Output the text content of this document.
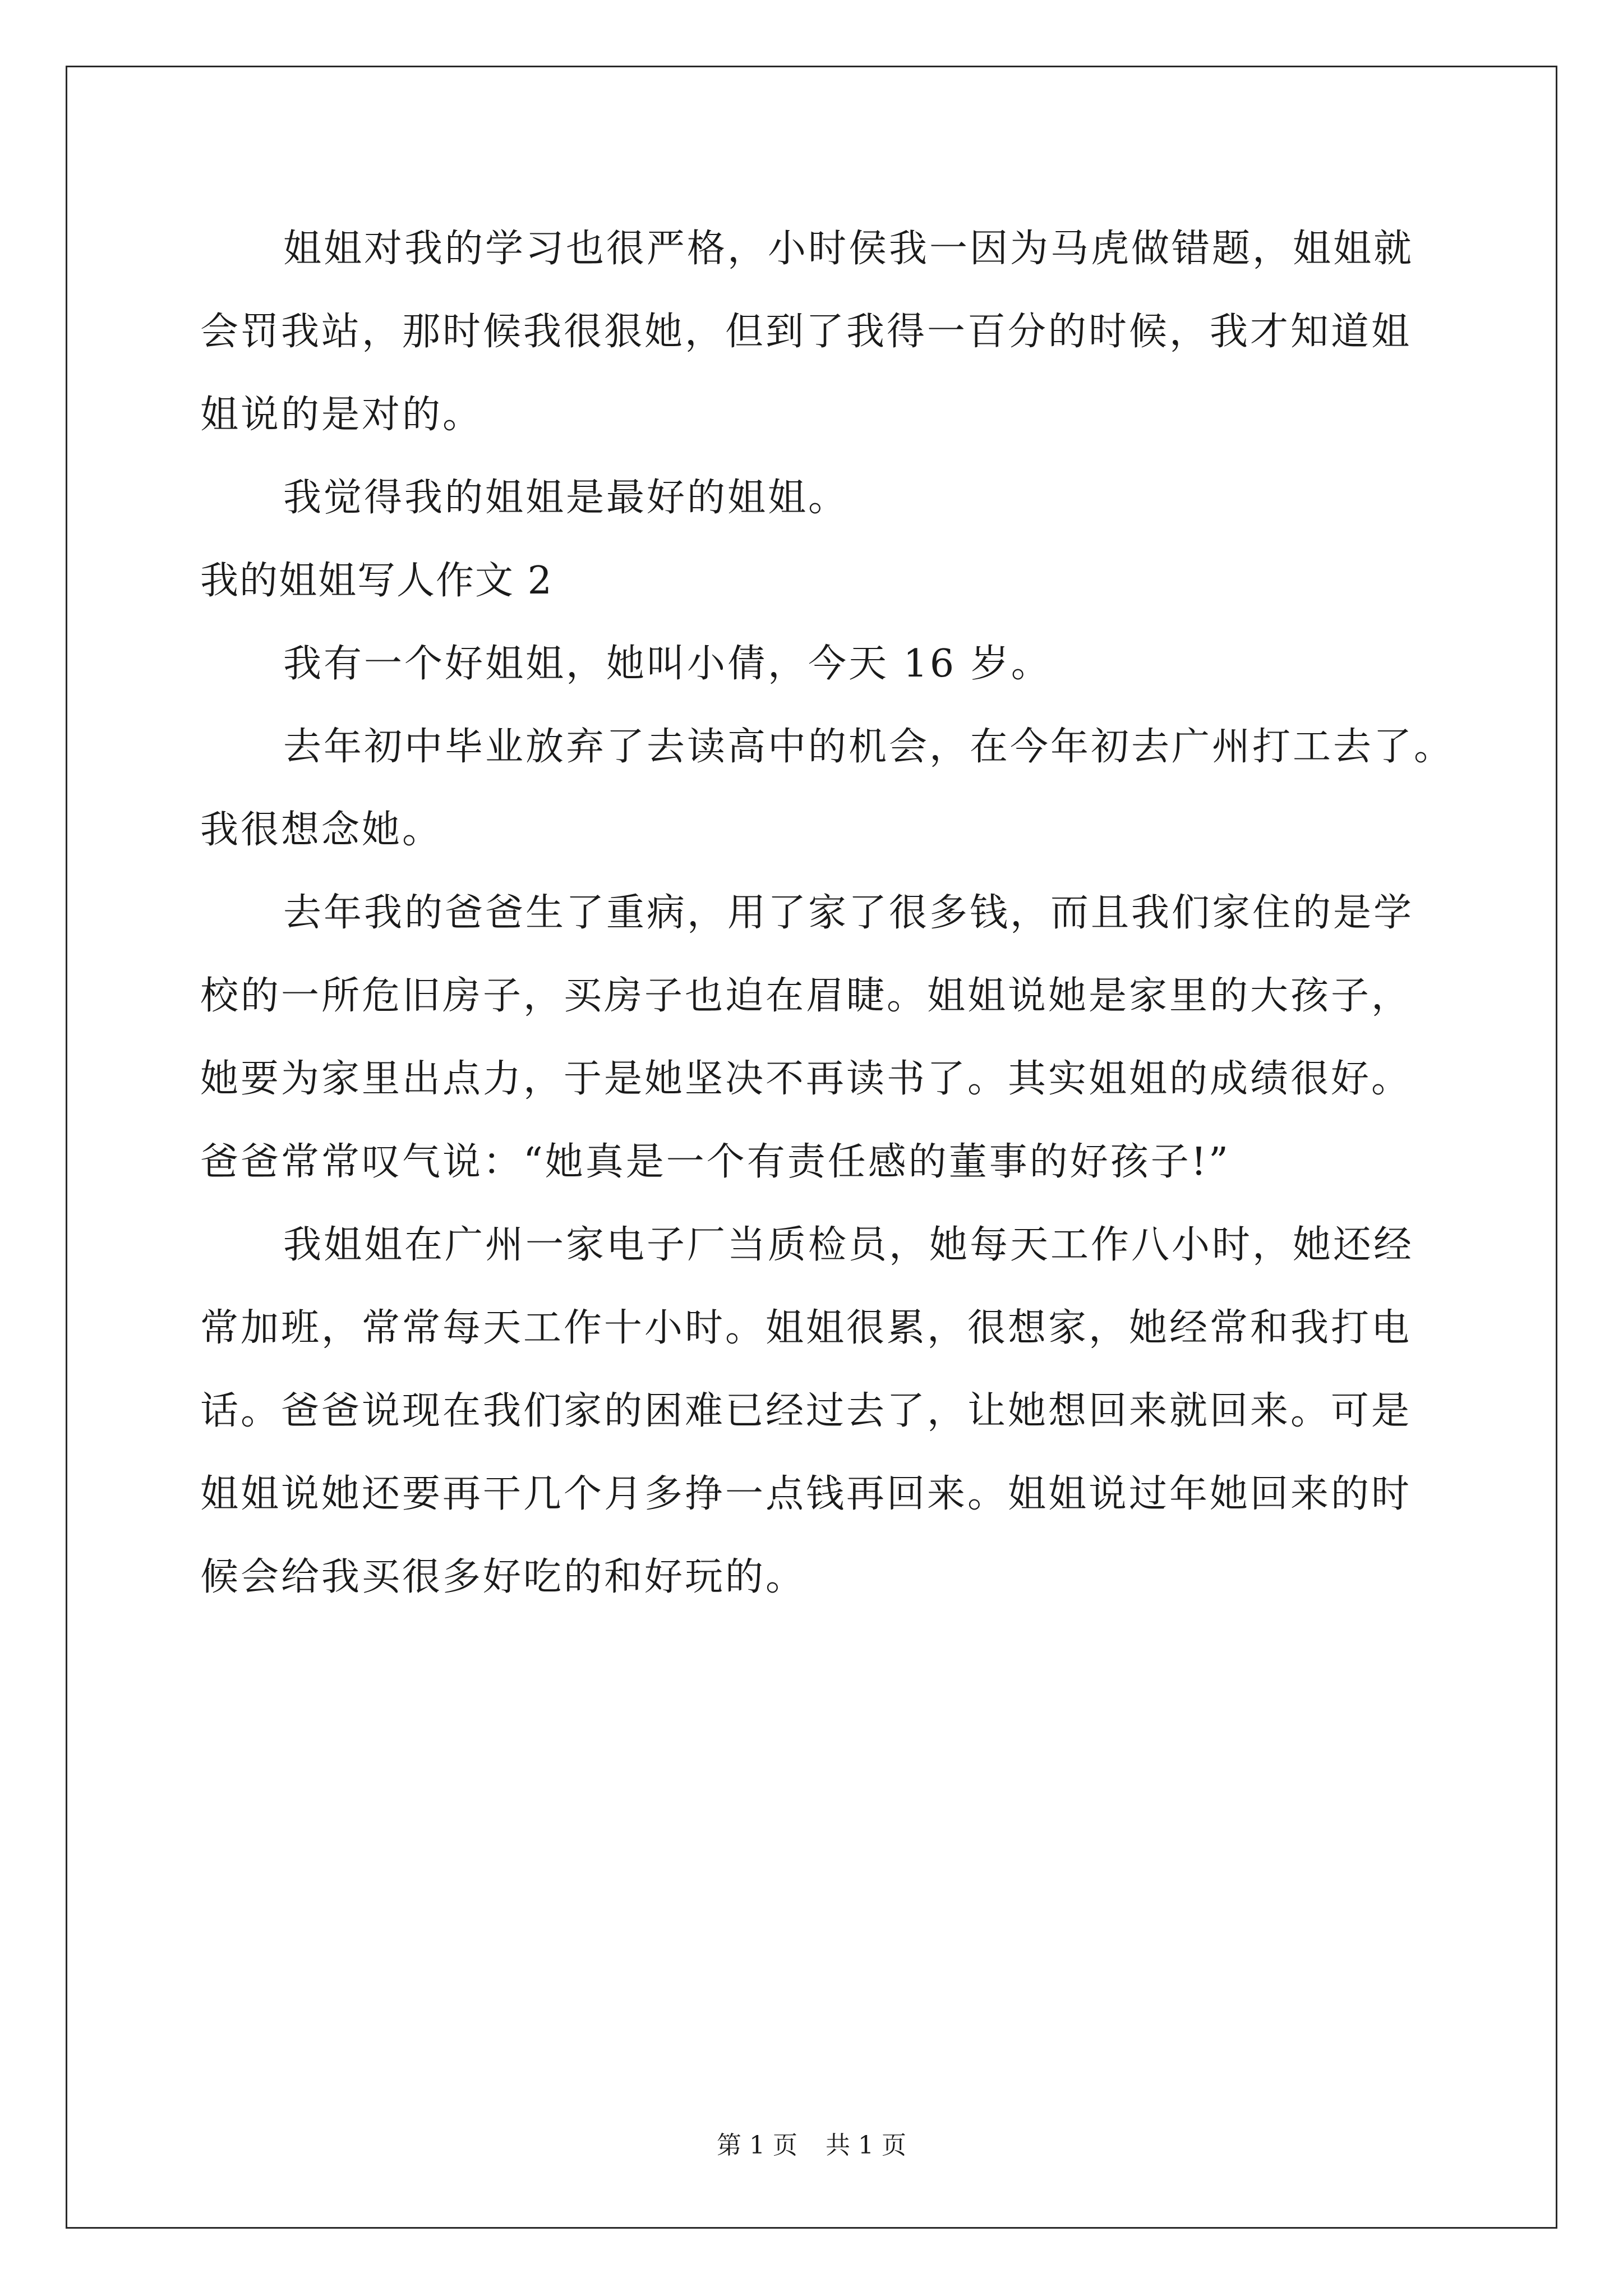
姐姐对我的学习也很严格，小时侯我一因为马虎做错题，姐姐就
会罚我站，那时候我很狠她，但到了我得一百分的时候，我才知道姐
姐说的是对的。
我觉得我的姐姐是最好的姐姐。
我的姐姐写人作文 2
我有一个好姐姐，她叫小倩，今天 16 岁。
去年初中毕业放弃了去读高中的机会，在今年初去广州打工去了。
我很想念她。
去年我的爸爸生了重病，用了家了很多钱，而且我们家住的是学
校的一所危旧房子，买房子也迫在眉睫。姐姐说她是家里的大孩子，
她要为家里出点力，于是她坚决不再读书了。其实姐姐的成绩很好。
爸爸常常叹气说：“她真是一个有责任感的董事的好孩子!”
我姐姐在广州一家电子厂当质检员，她每天工作八小时，她还经
常加班，常常每天工作十小时。姐姐很累，很想家，她经常和我打电
话。爸爸说现在我们家的困难已经过去了，让她想回来就回来。可是
姐姐说她还要再干几个月多挣一点钱再回来。姐姐说过年她回来的时
候会给我买很多好吃的和好玩的。
第 1 页 共 1 页
